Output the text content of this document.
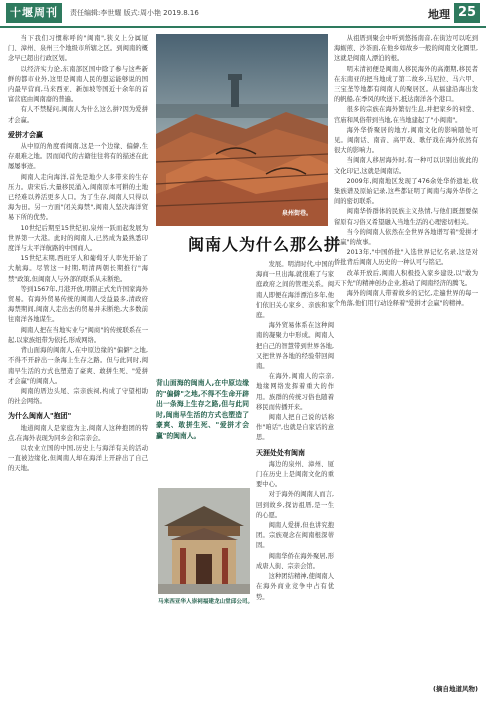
十堰周刊	责任编辑:李世耀 版式:周小艳 2019.8.16	地理 25

当下我们习惯称呼的"闽南",狭义上分属厦门、漳州、泉州三个地级市所辖之区。到闽南的概念早已超出行政区划。

以经济实力论,东南部区国中除了参与这些新鲜的都市业外,这里是闽南人民的想运能够说的国内最早营商,马来西亚、新加坡等国近十余年的首富营底由闽南裔的普遍。

有人不禁疑问,闽南人为什么这么拼?因为爱拼才会赢。

爱拼才会赢

从中原的角度看闽南,这是一个边缘、偏僻,生存艰难之地。因而闻代的古籍往往将有的描述在此屡屡事迹。

闽南人走向海洋,首先是地少人多带来的生存压力。唐宋后,大量移民涌入,闽南原本可耕的土地已经难以养活更多人口。为了生存,闽南人只得以海为田。另一方面"闭关海禁",闽南人坚决海洋贸易下所的优势。

10世纪后期至15世纪初,泉州一跃而起发展为世界第一大港。此时的闽南人,已然成为最熟悉印度洋与太平洋航路的中国商人。

15世纪末期,西班牙人和葡萄牙人率先开始了大航海。尽管这一时期,明清两朝长期推行"海禁"政策,但闽南人与外部的联系从未断绝。

等到1567年,月港开放,明朝正式允许国家海外贸易。有海外贸易传统的闽南人受益最多,清政府海禁期间,闽南人走出去的贸易并未断绝,大多数前往南洋各地谋生。

闽南人把在当地实业与"闽商"的传统联系在一起,以家族纽带为依托,形成网络。

背山面海的闽南人,在中原边缘的"偏僻"之地,不得不开辟出一条海上生存之路。但与此同时,闽南早生活的方式也塑造了豪爽、敢拼生死、"爱拼才会赢"的闽南人。

闽南的厝边头尾、宗亲族祠,构成了守望相助的社会网络。

为什么闽南人"抱团"

地道闽南人是家庭为主,闽南人这种抱团的特点,在海外表现为同乡会和宗亲会。

以农业立国的中国,历史上与海洋有关的活动一直被边缘化,但闽南人却在海洋上开辟出了自己的天地。

泉州街巷。
闽南人为什么那么拼
背山面海的闽南人,在中原边缘的"偏僻"之地,不得不生命开辟出一条海上生存之路,但与此同时,闽南早生活的方式也塑造了豪爽、敢拼生死、"爱拼才会赢"的闽南人。
马来西亚华人崇祠福建龙山堂邱公司。

发展。明清时代,中国的海商一旦出海,就很难了与家庭政府之间的管理关系。闽南人即便在海洋漂泊多年,他们依旧关心家乡、亲族和家庭。

海外贸易体系在这种闽南的凝聚力中形成。闽南人把自己的智慧带到世界各地,又把世界各地的经验带回闽南。

在海外,闽南人的宗亲,地缘网络发挥着重大的作用。族群的传统习俗也随着移民而传播开来。

闽南人把自己说的话称作"咱话",也就是自家话的意思。

天涯处处有闽南

海边的泉州、漳州、厦门在历史上是闽南文化的重要中心。

对于海外的闽南人而言,回到故乡,探访祖厝,是一生的心愿。

闽南人爱拼,但也讲究抱团。宗族观念在闽南根深蒂固。

闽南华侨在海外聚居,形成唐人街、宗亲会馆。

这种团结精神,使闽南人在海外商业竞争中占有优势。

从祖厝到聚会中听到悠扬南音,在街边可以吃到海蛎煎、沙茶面,在他乡如故乡一般的闽南文化圈里,这就是闽南人漂泊的根。

明末清初便是闽南人移民海外的高潮期,移民者在东南亚的把当地成了第二故乡,马尼拉、马六甲、三宝垄等地都有闽南人的聚居区。从福建沿海出发的帆船,在季风的吹送下,抵达南洋各个港口。

很多的宗族在海外繁衍生息,并把家乡的祠堂、宫庙和风俗带到当地,在当地建起了"小闽南"。

海外华侨聚居的地方,闽南文化的影响随处可见。闽南话、南音、高甲戏、歌仔戏在海外依然有很大的影响力。

当闽南人移居海外时,有一种可以识别出彼此的文化印记,这就是闽南话。

2009年,闽南地区发现了476余处华侨遗址,收集族谱及原始记录,这些都证明了闽南与海外华侨之间的密切联系。

闽南华侨群体的民族主义热情,与他们既想要保留原有习俗又希望融入当地生活的心理密切相关。

当今的闽南人依然在全世界各地谱写着"爱拼才会赢"的故事。

2013年,"中国侨批"入选世界记忆名录,这是对侨批背后闽南人历史的一种认可与铭记。

改革开放后,闽南人积极投入家乡建设,以"敢为天下先"的精神创办企业,推动了闽南经济的腾飞。

海外的闽南人带着故乡的记忆,走遍世界的每一个角落,他们用行动诠释着"爱拼才会赢"的精神。

(摘自地道风物)
